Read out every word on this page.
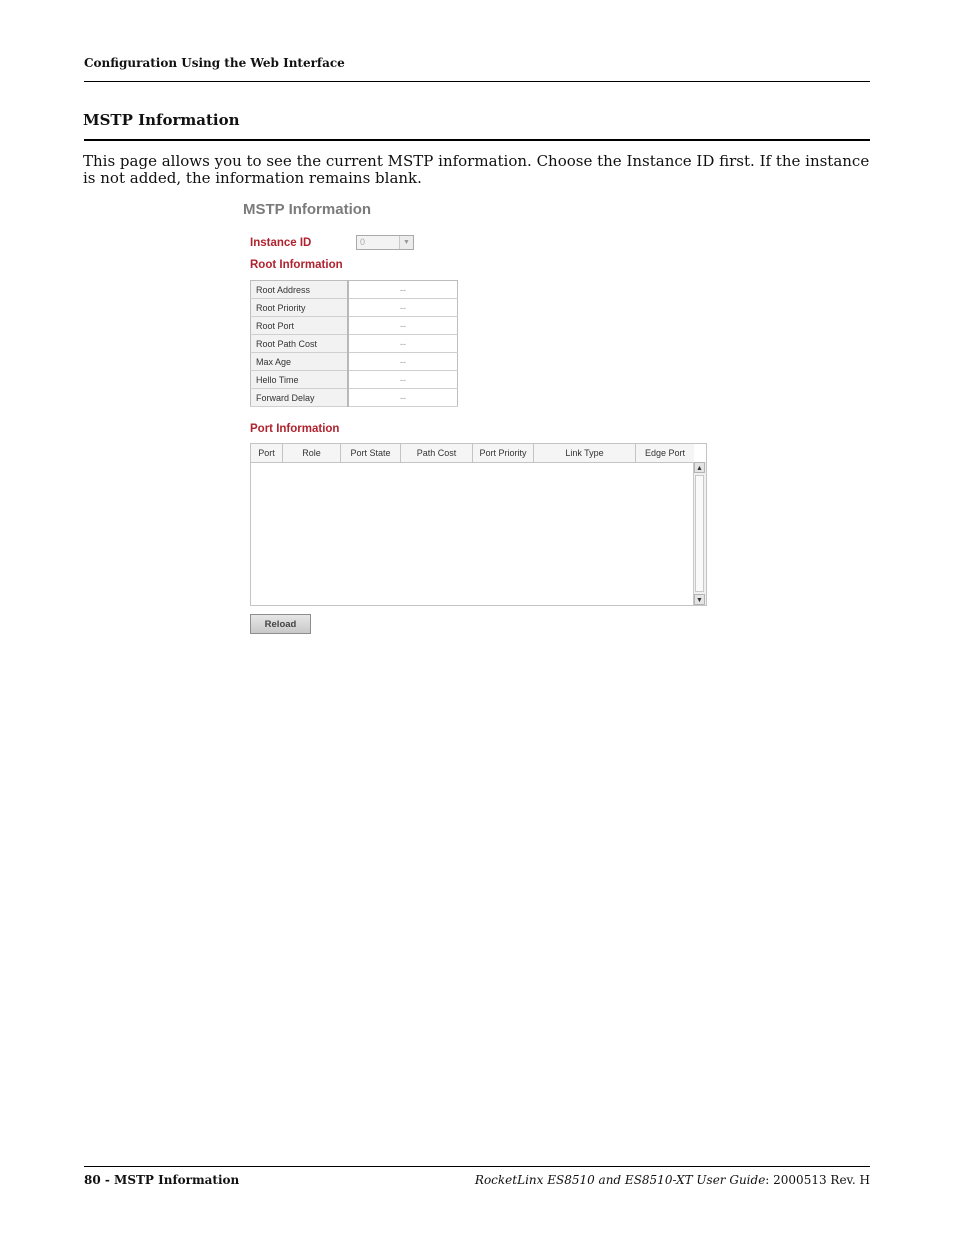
Configuration Using the Web Interface
MSTP Information
This page allows you to see the current MSTP information. Choose the Instance ID first. If the instance is not added, the information remains blank.
MSTP Information
Instance ID	0	▼
Root Information
Root Address	--
Root Priority	--
Root Port	--
Root Path Cost	--
Max Age	--
Hello Time	--
Forward Delay	--
Port Information
Port	Role	Port State	Path Cost	Port Priority	Link Type	Edge Port
▲
▼
Reload
80 - MSTP Information	RocketLinx ES8510 and ES8510-XT User Guide: 2000513 Rev. H
